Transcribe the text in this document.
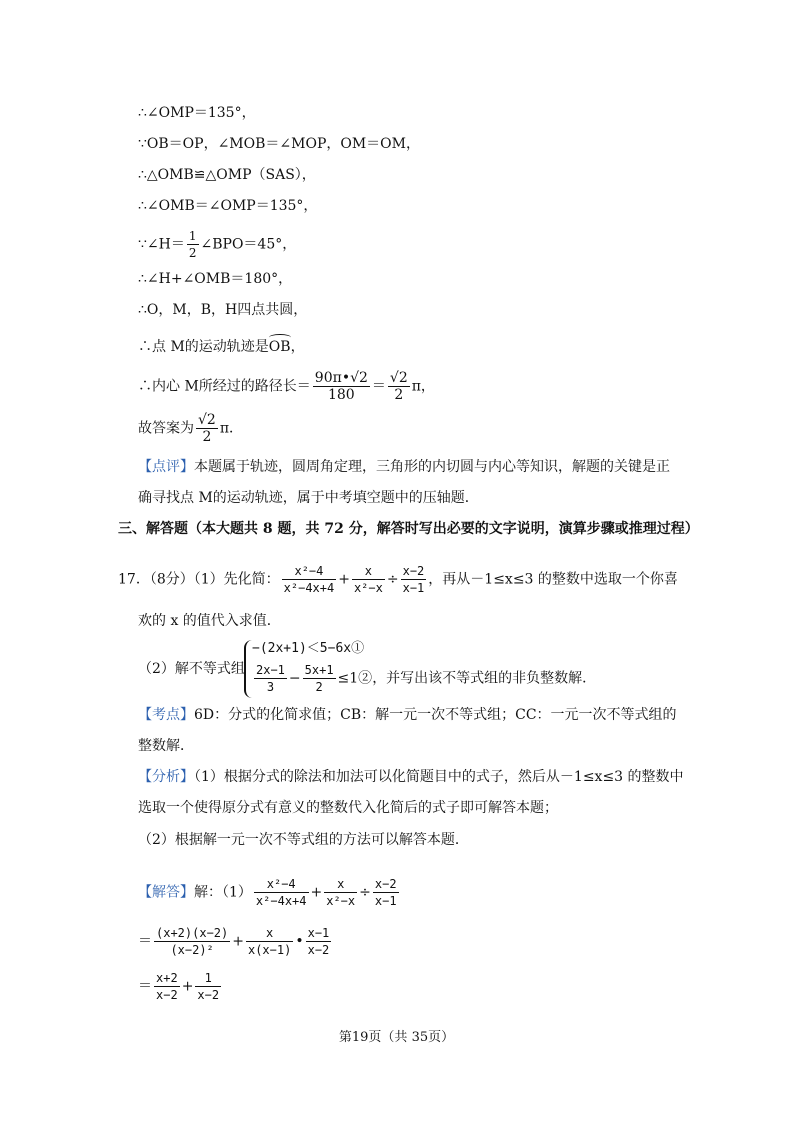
∴∠OMP＝135°，
∵OB＝OP，∠MOB＝∠MOP，OM＝OM，
∴△OMB≌△OMP（SAS），
∴∠OMB＝∠OMP＝135°，
∵∠H＝ $\frac{1}{2}$ ∠BPO＝45°，
∴∠H+∠OMB＝180°，
∴O，M，B，H四点共圆，
∴点 M的运动轨迹是OB，
∴内心 M所经过的路径长＝ $\frac{90\pi•√2}{180} = \frac{√2}{2}$ π，
故答案为 $\frac{√2}{2}$ π．
【点评】本题属于轨迹，圆周角定理，三角形的内切圆与内心等知识，解题的关键是正
确寻找点 M的运动轨迹，属于中考填空题中的压轴题．
三、解答题（本大题共 8 题，共 72 分，解答时写出必要的文字说明，演算步骤或推理过程）
17．（8分）（1）先化简： $\frac{\text{x²−4}}{\text{x²−4x+4}} + \frac{x}{\text{x²−x}} \div \frac{x-2}{x-1}$ ，再从－1≤x≤3 的整数中选取一个你喜
欢的 x 的值代入求值．
（2）解不等式组
−(2x+1)＜5−6x①
$\frac{2x-1}{3} - \frac{5x+1}{2}$ ≤1②，并写出该不等式组的非负整数解．
【考点】6D：分式的化简求值；CB：解一元一次不等式组；CC：一元一次不等式组的
整数解．
【分析】（1）根据分式的除法和加法可以化简题目中的式子，然后从－1≤x≤3 的整数中
选取一个使得原分式有意义的整数代入化简后的式子即可解答本题；
（2）根据解一元一次不等式组的方法可以解答本题．
【解答】解：$(1) \frac{\text{x²−4}}{\text{x²−4x+4}} + \frac{x}{\text{x²−x}} \div \frac{x-2}{x-1}$
＝ $\frac{(x+2)(x-2)}{\text{(x−2)²}} + \frac{x}{x(x-1)}$ • $\frac{x-1}{x-2}$
＝ $\frac{x+2}{x-2} + \frac{1}{x-2}$
第19页（共 35页）
